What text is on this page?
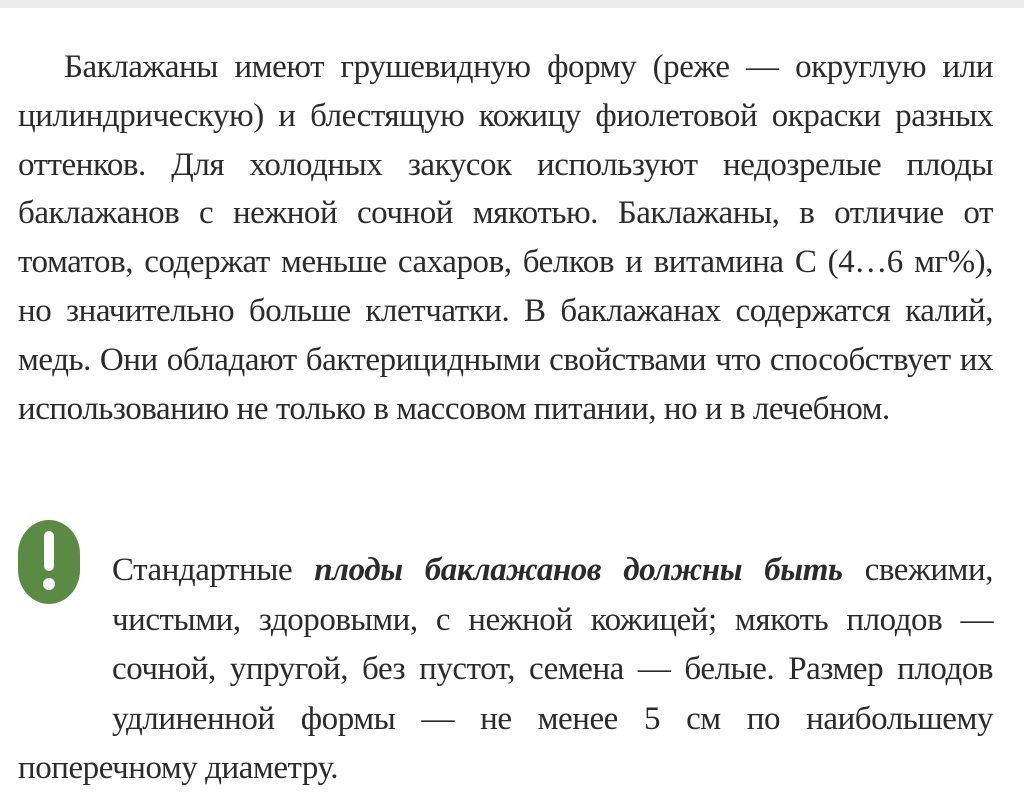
Баклажаны имеют грушевидную форму (реже — округлую или цилиндрическую) и блестящую кожицу фиолетовой окраски разных оттенков. Для холодных закусок используют недозрелые плоды баклажанов с нежной сочной мякотью. Баклажаны, в отличие от томатов, содержат меньше сахаров, белков и витамина С (4…6 мг%), но значительно больше клетчатки. В баклажанах содержатся калий, медь. Они обладают бактерицидными свойствами что способствует их использованию не только в массовом питании, но и в лечебном.

Стандартные плоды баклажанов должны быть свежими, чистыми, здоровыми, с нежной кожицей; мякоть плодов — сочной, упругой, без пустот, семена — белые. Размер плодов удлиненной формы — не менее 5 см по наибольшему поперечному диаметру.
